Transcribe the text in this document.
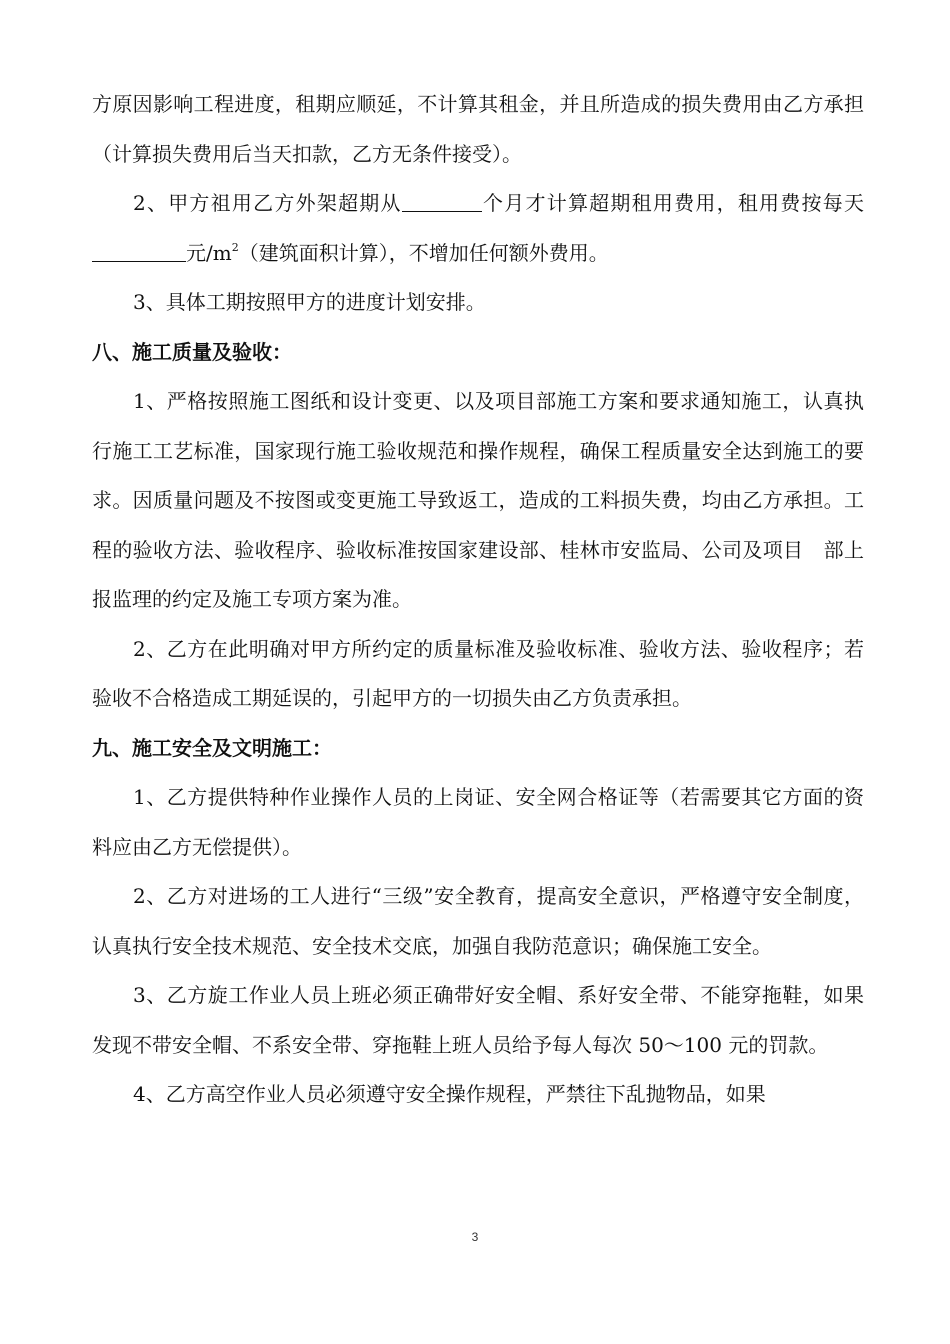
方原因影响工程进度，租期应顺延，不计算其租金，并且所造成的损失费用由乙方承担（计算损失费用后当天扣款，乙方无条件接受）。

2、甲方祖用乙方外架超期从	个月才计算超期租用费用，租用费按每天元$/m^2$（建筑面积计算），不增加任何额外费用。

3、具体工期按照甲方的进度计划安排。

八、施工质量及验收：

1、严格按照施工图纸和设计变更、以及项目部施工方案和要求通知施工，认真执行施工工艺标准，国家现行施工验收规范和操作规程，确保工程质量安全达到施工的要求。因质量问题及不按图或变更施工导致返工，造成的工料损失费，均由乙方承担。工程的验收方法、验收程序、验收标准按国家建设部、桂林市安监局、公司及项目　部上报监理的约定及施工专项方案为准。

2、乙方在此明确对甲方所约定的质量标准及验收标准、验收方法、验收程序；若验收不合格造成工期延误的，引起甲方的一切损失由乙方负责承担。

九、施工安全及文明施工：

1、乙方提供特种作业操作人员的上岗证、安全网合格证等（若需要其它方面的资料应由乙方无偿提供）。

2、乙方对进场的工人进行“三级”安全教育，提高安全意识，严格遵守安全制度，认真执行安全技术规范、安全技术交底，加强自我防范意识；确保施工安全。

3、乙方旋工作业人员上班必须正确带好安全帽、系好安全带、不能穿拖鞋，如果发现不带安全帽、不系安全带、穿拖鞋上班人员给予每人每次 50～100 元的罚款。

4、乙方高空作业人员必须遵守安全操作规程，严禁往下乱抛物品，如果

3
